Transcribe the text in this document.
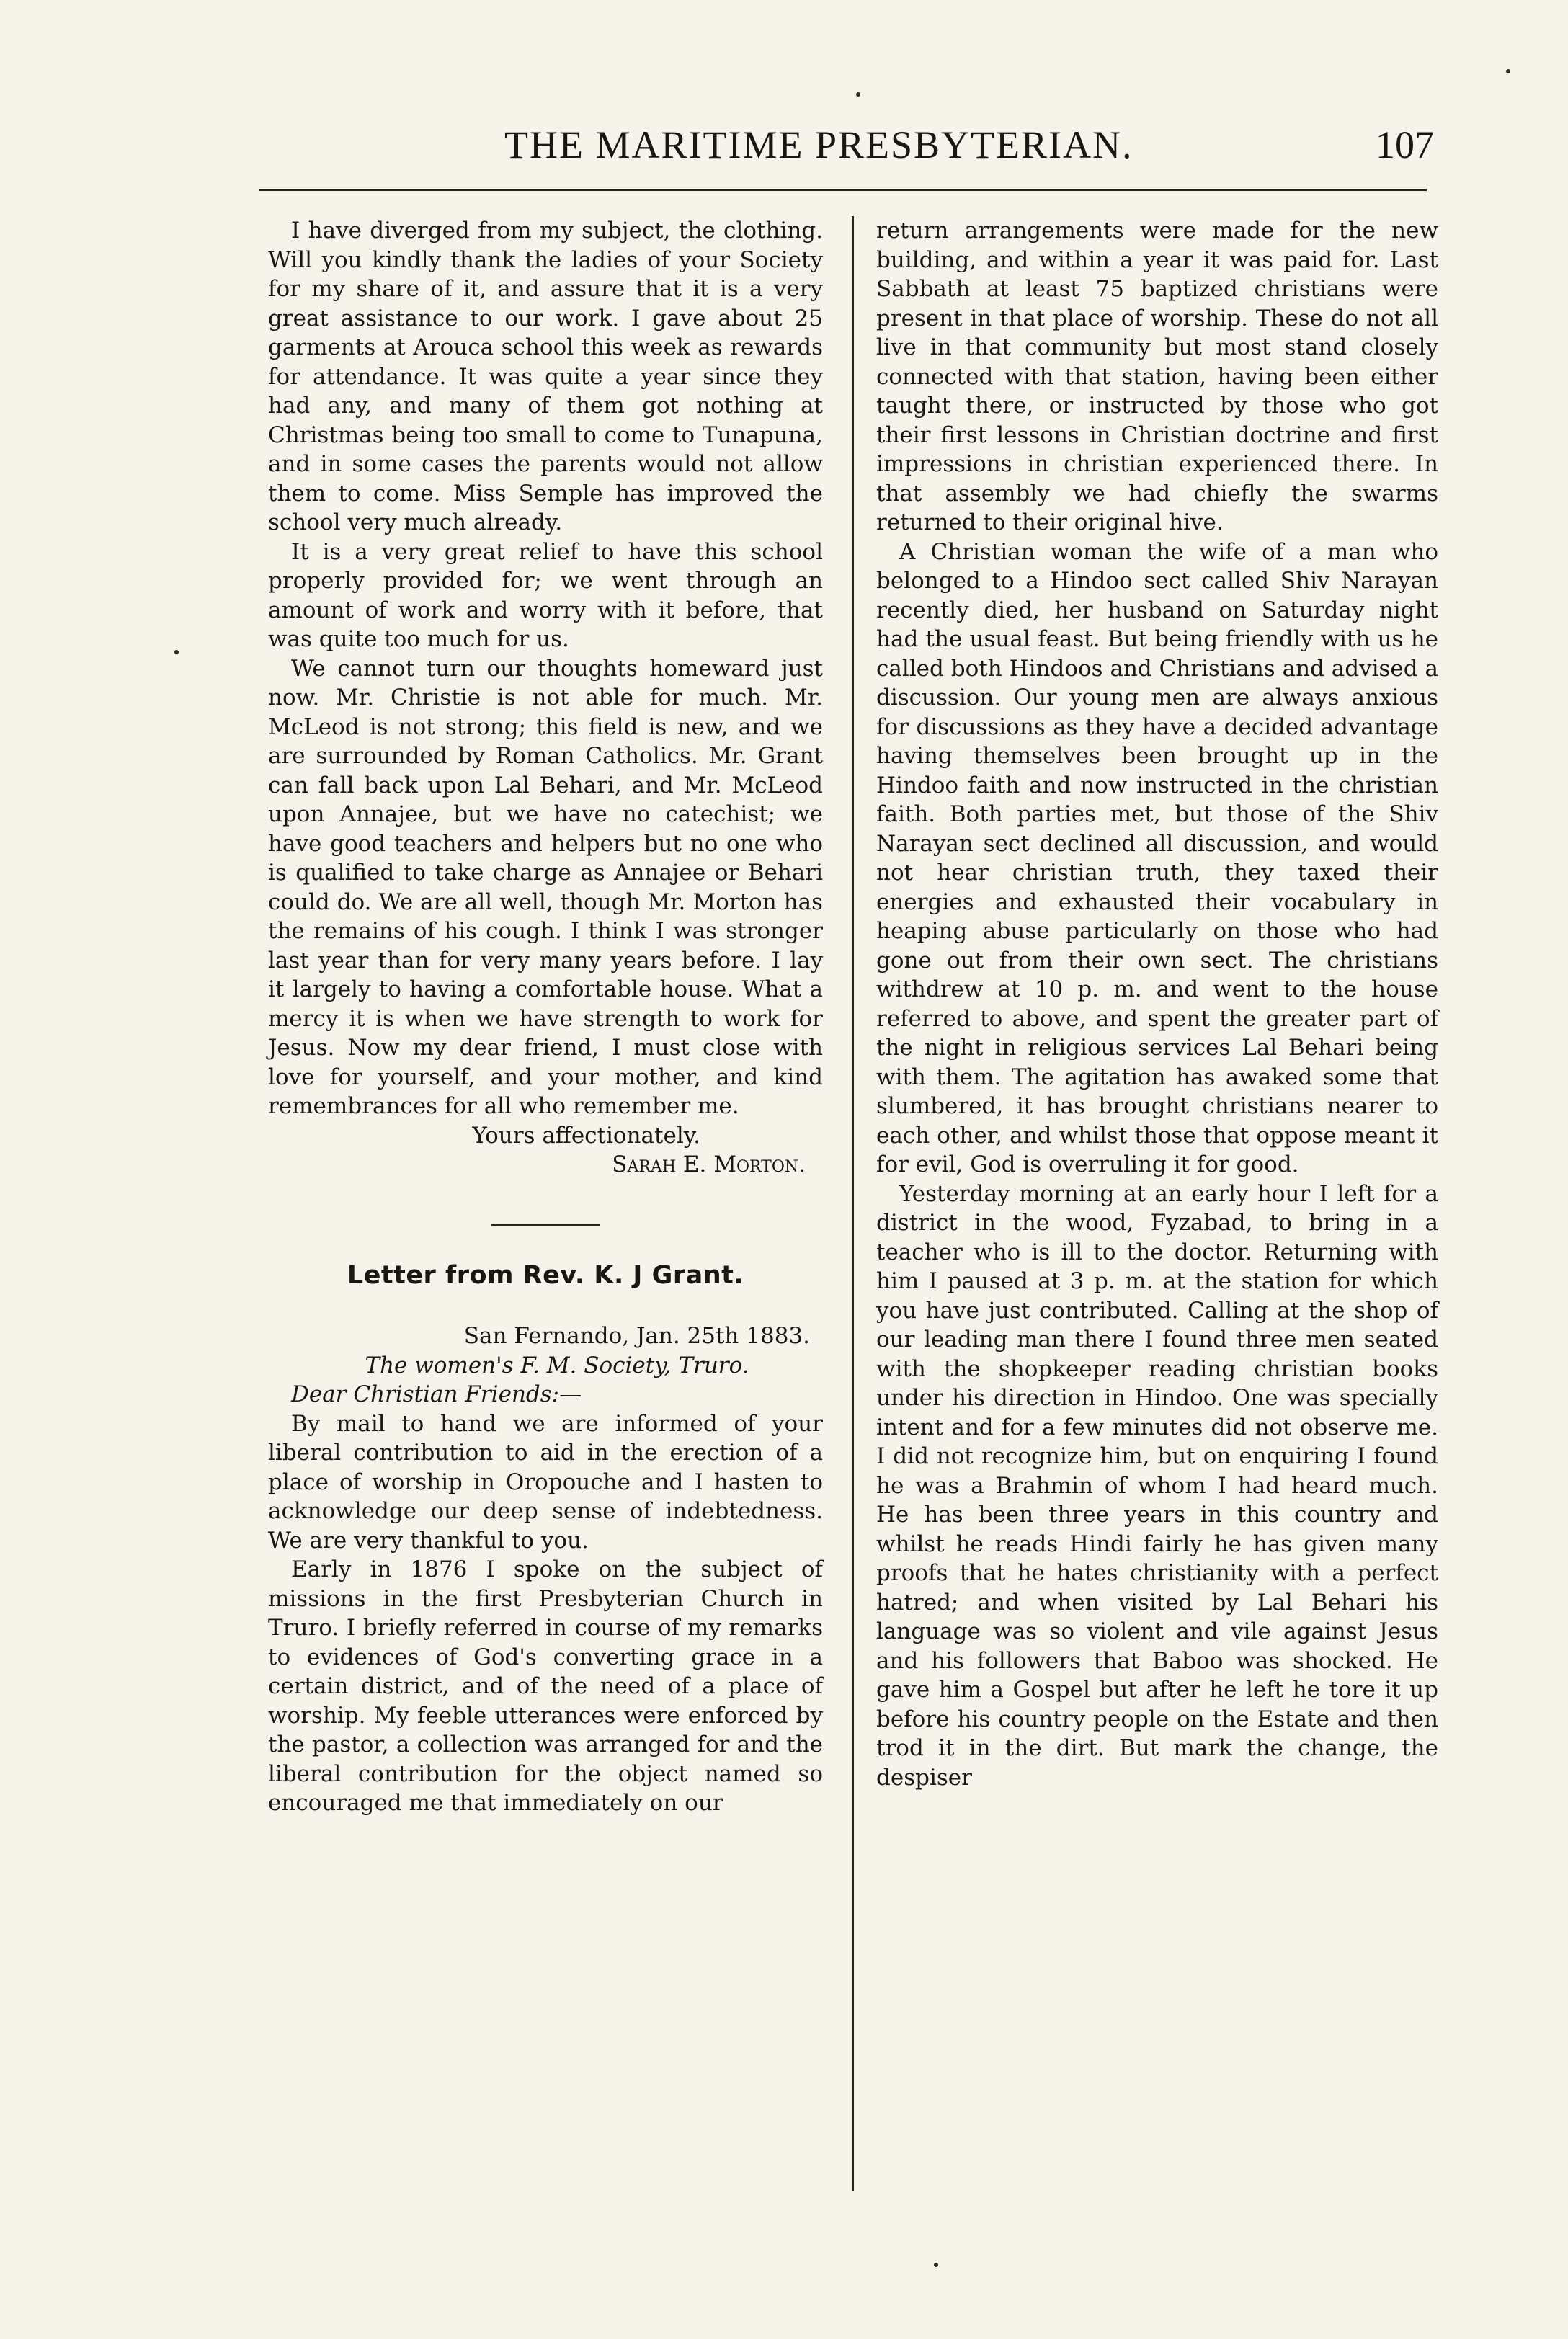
THE MARITIME PRESBYTERIAN.	107

I have diverged from my subject, the clothing. Will you kindly thank the ladies of your Society for my share of it, and assure that it is a very great assistance to our work. I gave about 25 garments at Arouca school this week as rewards for attendance. It was quite a year since they had any, and many of them got nothing at Christmas being too small to come to Tunapuna, and in some cases the parents would not allow them to come. Miss Semple has improved the school very much already.

It is a very great relief to have this school properly provided for; we went through an amount of work and worry with it before, that was quite too much for us.

We cannot turn our thoughts homeward just now. Mr. Christie is not able for much. Mr. McLeod is not strong; this field is new, and we are surrounded by Roman Catholics. Mr. Grant can fall back upon Lal Behari, and Mr. McLeod upon Annajee, but we have no catechist; we have good teachers and helpers but no one who is qualified to take charge as Annajee or Behari could do. We are all well, though Mr. Morton has the remains of his cough. I think I was stronger last year than for very many years before. I lay it largely to having a comfortable house. What a mercy it is when we have strength to work for Jesus. Now my dear friend, I must close with love for yourself, and your mother, and kind remembrances for all who remember me.

Yours affectionately.

Sarah E. Morton.

Letter from Rev. K. J Grant.

San Fernando, Jan. 25th 1883.

The women's F. M. Society, Truro.

Dear Christian Friends:—

By mail to hand we are informed of your liberal contribution to aid in the erection of a place of worship in Oropouche and I hasten to acknowledge our deep sense of indebtedness. We are very thankful to you.

Early in 1876 I spoke on the subject of missions in the first Presbyterian Church in Truro. I briefly referred in course of my remarks to evidences of God's converting grace in a certain district, and of the need of a place of worship. My feeble utterances were enforced by the pastor, a collection was arranged for and the liberal contribution for the object named so encouraged me that immediately on our

return arrangements were made for the new building, and within a year it was paid for. Last Sabbath at least 75 baptized christians were present in that place of worship. These do not all live in that community but most stand closely connected with that station, having been either taught there, or instructed by those who got their first lessons in Christian doctrine and first impressions in christian experienced there. In that assembly we had chiefly the swarms returned to their original hive.

A Christian woman the wife of a man who belonged to a Hindoo sect called Shiv Narayan recently died, her husband on Saturday night had the usual feast. But being friendly with us he called both Hindoos and Christians and advised a discussion. Our young men are always anxious for discussions as they have a decided advantage having themselves been brought up in the Hindoo faith and now instructed in the christian faith. Both parties met, but those of the Shiv Narayan sect declined all discussion, and would not hear christian truth, they taxed their energies and exhausted their vocabulary in heaping abuse particularly on those who had gone out from their own sect. The christians withdrew at 10 p. m. and went to the house referred to above, and spent the greater part of the night in religious services Lal Behari being with them. The agitation has awaked some that slumbered, it has brought christians nearer to each other, and whilst those that oppose meant it for evil, God is overruling it for good.

Yesterday morning at an early hour I left for a district in the wood, Fyzabad, to bring in a teacher who is ill to the doctor. Returning with him I paused at 3 p. m. at the station for which you have just contributed. Calling at the shop of our leading man there I found three men seated with the shopkeeper reading christian books under his direction in Hindoo. One was specially intent and for a few minutes did not observe me. I did not recognize him, but on enquiring I found he was a Brahmin of whom I had heard much. He has been three years in this country and whilst he reads Hindi fairly he has given many proofs that he hates christianity with a perfect hatred; and when visited by Lal Behari his language was so violent and vile against Jesus and his followers that Baboo was shocked. He gave him a Gospel but after he left he tore it up before his country people on the Estate and then trod it in the dirt. But mark the change, the despiser
